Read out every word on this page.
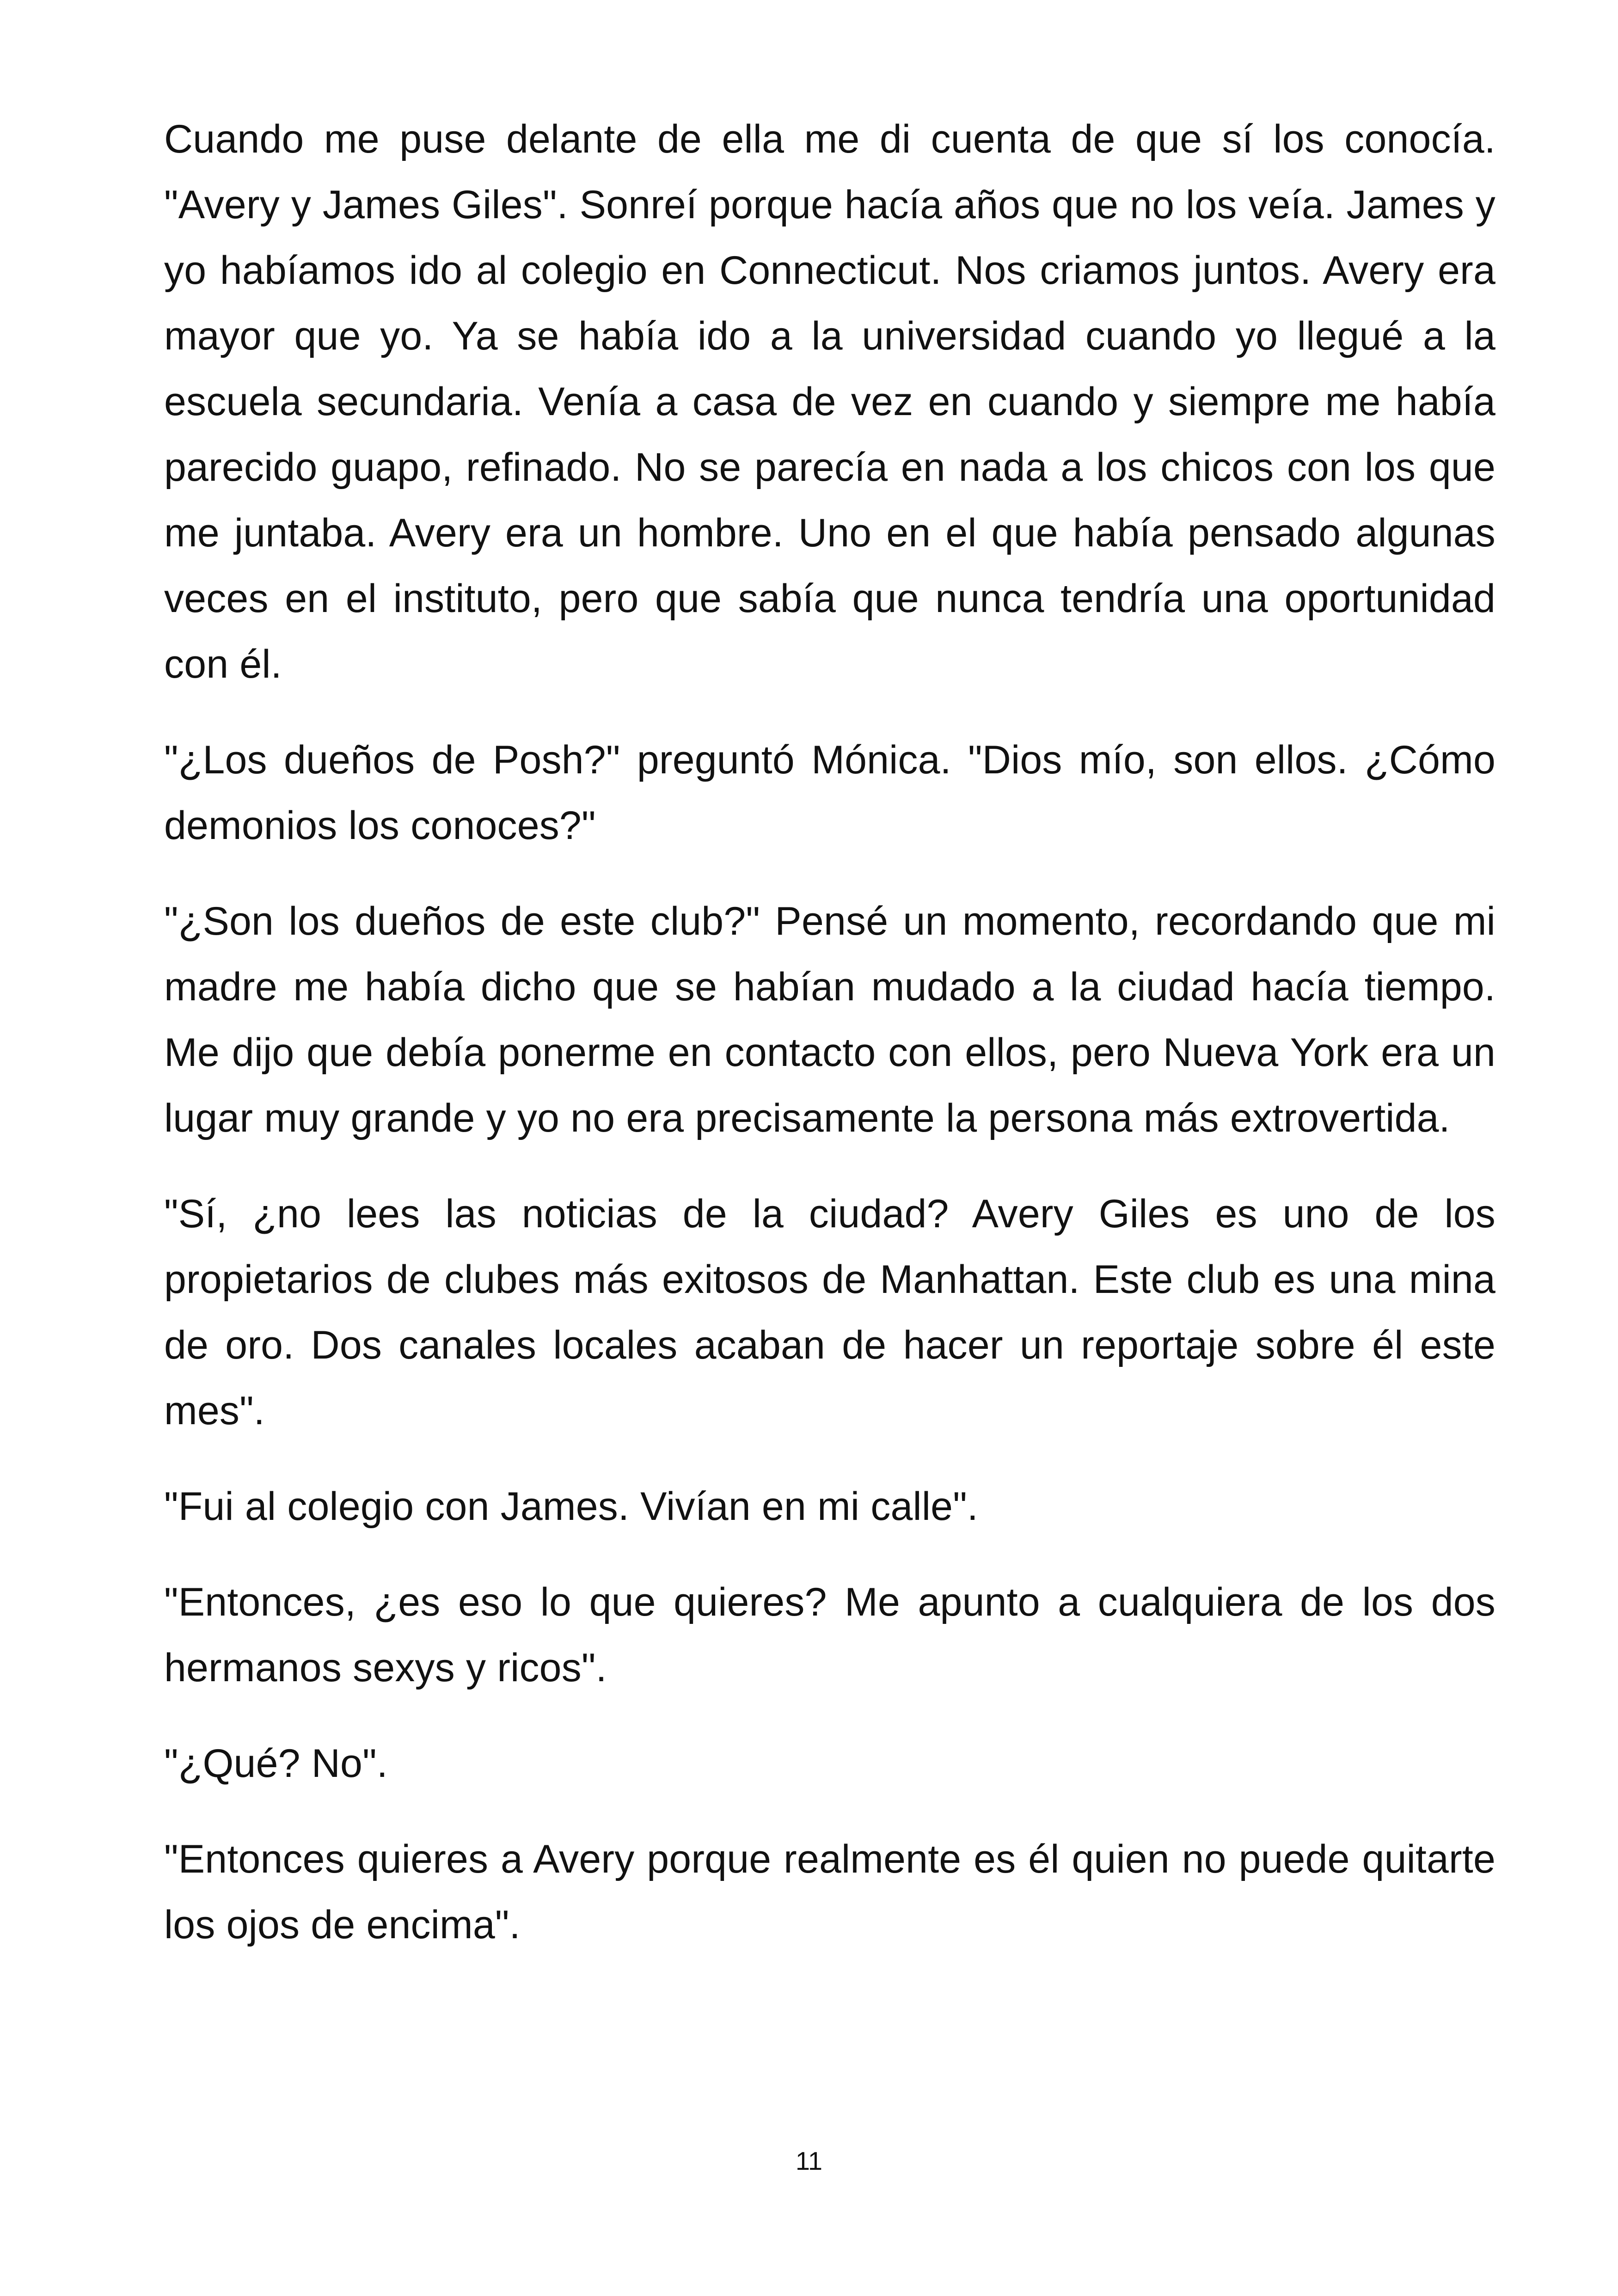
Cuando me puse delante de ella me di cuenta de que sí los conocía. "Avery y James Giles". Sonreí porque hacía años que no los veía. James y yo habíamos ido al colegio en Connecticut. Nos criamos juntos. Avery era mayor que yo. Ya se había ido a la universidad cuando yo llegué a la escuela secundaria. Venía a casa de vez en cuando y siempre me había parecido guapo, refinado. No se parecía en nada a los chicos con los que me juntaba. Avery era un hombre. Uno en el que había pensado algunas veces en el instituto, pero que sabía que nunca tendría una oportunidad con él.

"¿Los dueños de Posh?" preguntó Mónica. "Dios mío, son ellos. ¿Cómo demonios los conoces?"

"¿Son los dueños de este club?" Pensé un momento, recordando que mi madre me había dicho que se habían mudado a la ciudad hacía tiempo. Me dijo que debía ponerme en contacto con ellos, pero Nueva York era un lugar muy grande y yo no era precisamente la persona más extrovertida.

"Sí, ¿no lees las noticias de la ciudad? Avery Giles es uno de los propietarios de clubes más exitosos de Manhattan. Este club es una mina de oro. Dos canales locales acaban de hacer un reportaje sobre él este mes".

"Fui al colegio con James. Vivían en mi calle".

"Entonces, ¿es eso lo que quieres? Me apunto a cualquiera de los dos hermanos sexys y ricos".

"¿Qué? No".

"Entonces quieres a Avery porque realmente es él quien no puede quitarte los ojos de encima".

11
